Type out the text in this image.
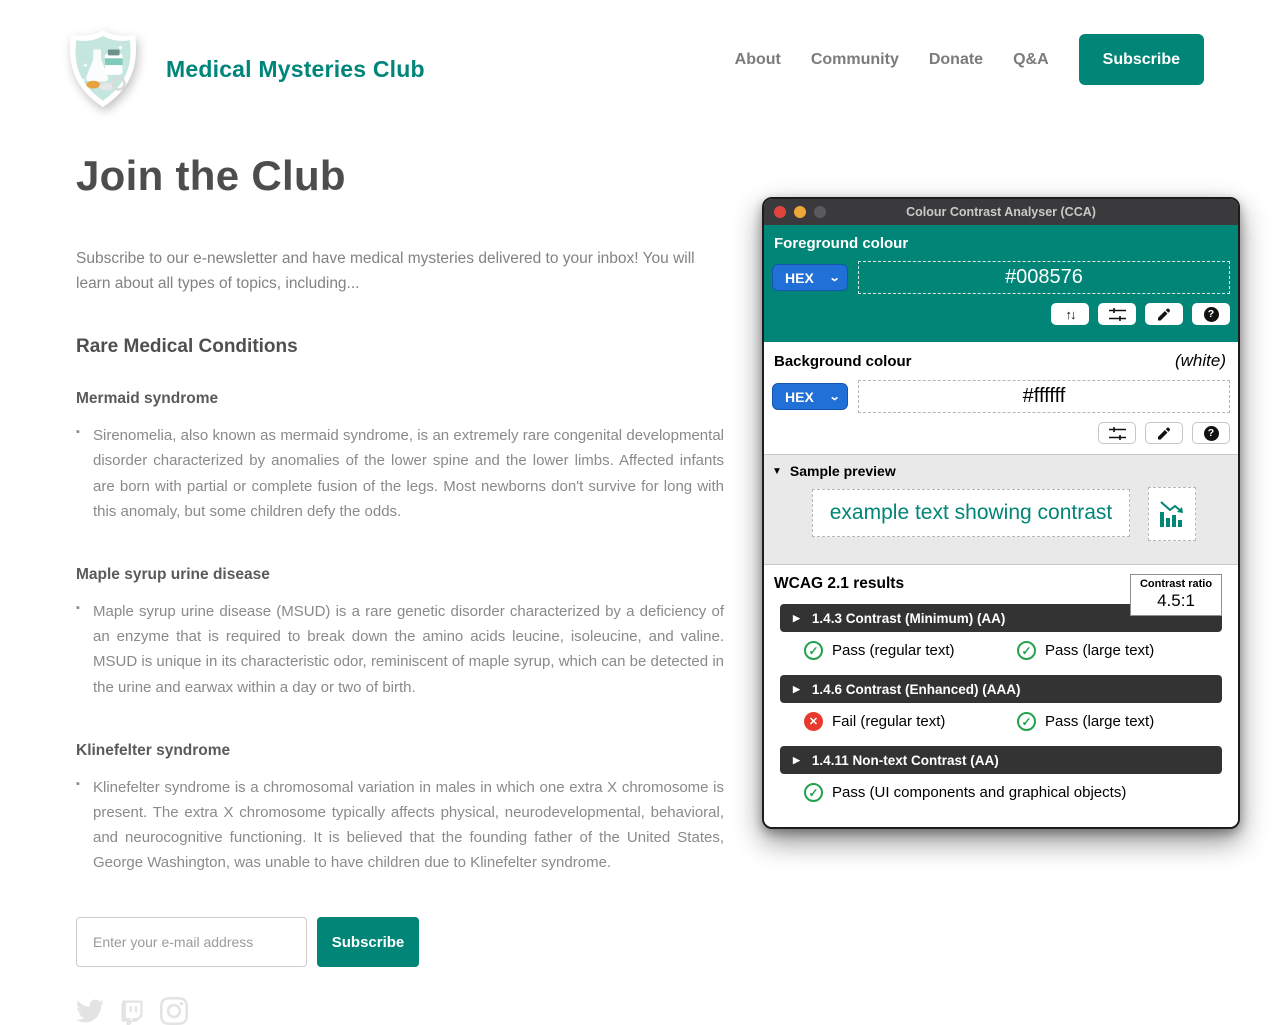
Medical Mysteries Club	About Community Donate Q&A	Subscribe
Join the Club

Subscribe to our e-newsletter and have medical mysteries delivered to your inbox! You will learn about all types of topics, including...

Rare Medical Conditions
Mermaid syndrome
▪ Sirenomelia, also known as mermaid syndrome, is an extremely rare congenital developmental disorder characterized by anomalies of the lower spine and the lower limbs. Affected infants are born with partial or complete fusion of the legs. Most newborns don't survive for long with this anomaly, but some children defy the odds.
Maple syrup urine disease
▪ Maple syrup urine disease (MSUD) is a rare genetic disorder characterized by a deficiency of an enzyme that is required to break down the amino acids leucine, isoleucine, and valine. MSUD is unique in its characteristic odor, reminiscent of maple syrup, which can be detected in the urine and earwax within a day or two of birth.
Klinefelter syndrome
▪ Klinefelter syndrome is a chromosomal variation in males in which one extra X chromosome is present. The extra X chromosome typically affects physical, neurodevelopmental, behavioral, and neurocognitive functioning. It is believed that the founding father of the United States, George Washington, was unable to have children due to Klinefelter syndrome.
Enter your e-mail address
Subscribe
Colour Contrast Analyser (CCA)
Foreground colour
HEX ⌄
#008576
↑↓	?
Background colour	(white)
HEX ⌄
#ffffff
?
▼ Sample preview
example text showing contrast
WCAG 2.1 results	Contrast ratio
4.5:1
▶ 1.4.3 Contrast (Minimum) (AA)
✓
Pass (regular text) ✓	Pass (large text)
▶ 1.4.6 Contrast (Enhanced) (AAA)
✕
Fail (regular text) ✓	Pass (large text)
▶ 1.4.11 Non-text Contrast (AA)
✓
Pass (UI components and graphical objects)
